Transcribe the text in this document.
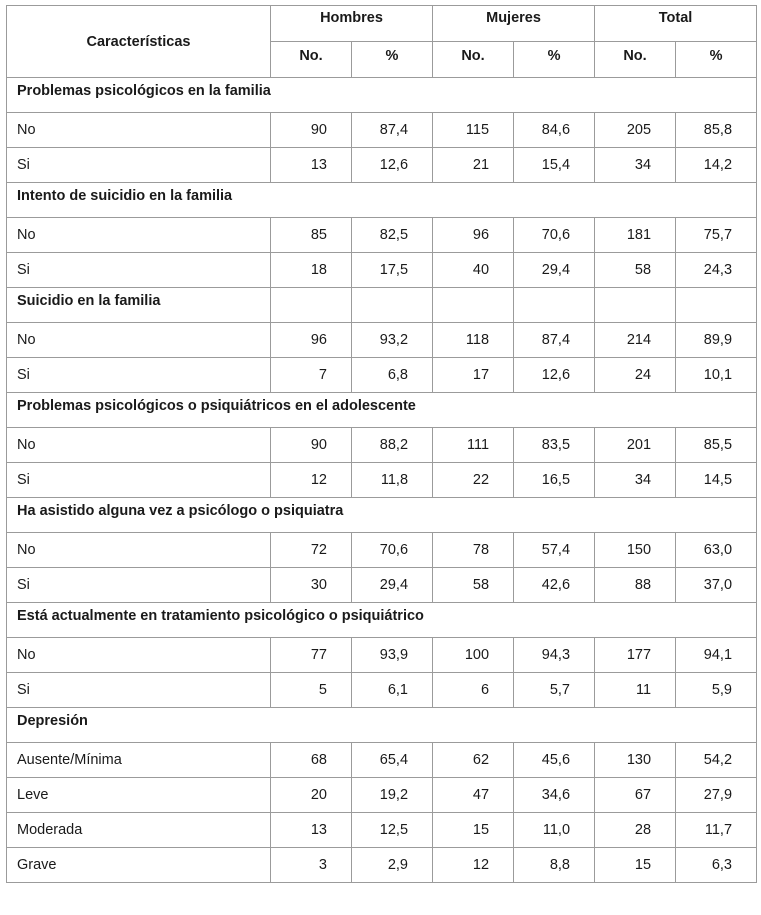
Características	Hombres		Mujeres		Total	
	No.	%	No.	%	No.	%
Problemas psicológicos en la familia						
No	90	87,4	115	84,6	205	85,8
Si	13	12,6	21	15,4	34	14,2
Intento de suicidio en la familia						
No	85	82,5	96	70,6	181	75,7
Si	18	17,5	40	29,4	58	24,3
Suicidio en la familia						
No	96	93,2	118	87,4	214	89,9
Si	7	6,8	17	12,6	24	10,1
Problemas psicológicos o psiquiátricos en el adolescente						
No	90	88,2	111	83,5	201	85,5
Si	12	11,8	22	16,5	34	14,5
Ha asistido alguna vez a psicólogo o psiquiatra						
No	72	70,6	78	57,4	150	63,0
Si	30	29,4	58	42,6	88	37,0
Está actualmente en tratamiento psicológico o psiquiátrico						
No	77	93,9	100	94,3	177	94,1
Si	5	6,1	6	5,7	11	5,9
Depresión						
Ausente/Mínima	68	65,4	62	45,6	130	54,2
Leve	20	19,2	47	34,6	67	27,9
Moderada	13	12,5	15	11,0	28	11,7
Grave	3	2,9	12	8,8	15	6,3
